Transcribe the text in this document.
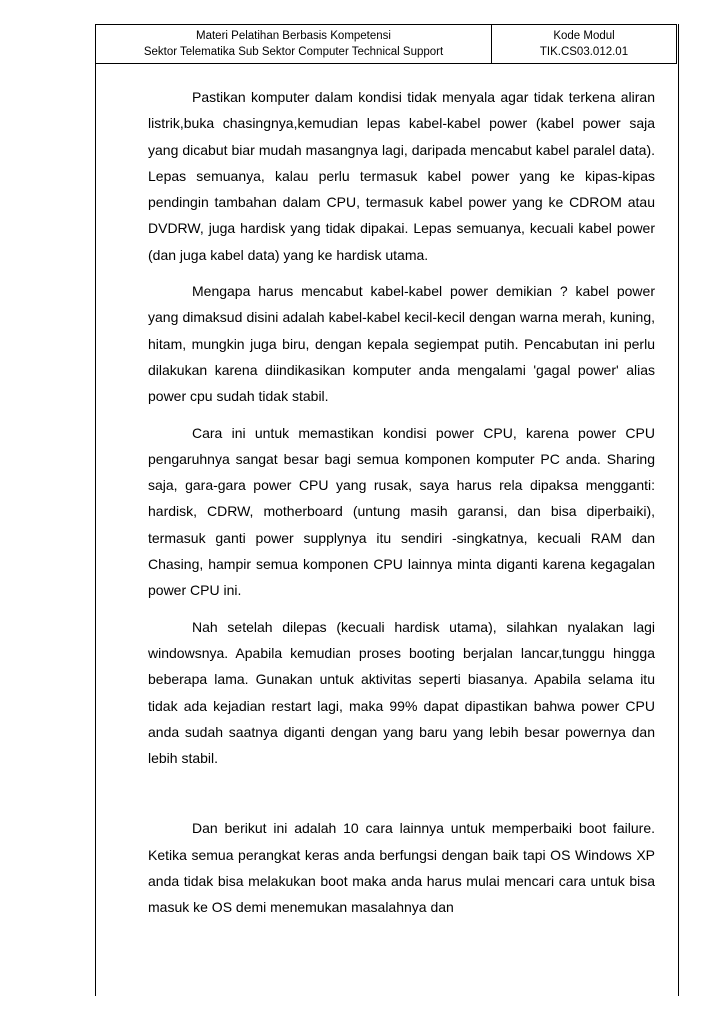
Materi Pelatihan Berbasis Kompetensi
Sektor Telematika Sub Sektor Computer Technical Support
Kode Modul
TIK.CS03.012.01

Pastikan komputer dalam kondisi tidak menyala agar tidak terkena aliran listrik,buka chasingnya,kemudian lepas kabel-kabel power (kabel power saja yang dicabut biar mudah masangnya lagi, daripada mencabut kabel paralel data). Lepas semuanya, kalau perlu termasuk kabel power yang ke kipas-kipas pendingin tambahan dalam CPU, termasuk kabel power yang ke CDROM atau DVDRW, juga hardisk yang tidak dipakai. Lepas semuanya, kecuali kabel power (dan juga kabel data) yang ke hardisk utama.

Mengapa harus mencabut kabel-kabel power demikian ? kabel power yang dimaksud disini adalah kabel-kabel kecil-kecil dengan warna merah, kuning, hitam, mungkin juga biru, dengan kepala segiempat putih. Pencabutan ini perlu dilakukan karena diindikasikan komputer anda mengalami 'gagal power' alias power cpu sudah tidak stabil.

Cara ini untuk memastikan kondisi power CPU, karena power CPU pengaruhnya sangat besar bagi semua komponen komputer PC anda. Sharing saja, gara-gara power CPU yang rusak, saya harus rela dipaksa mengganti: hardisk, CDRW, motherboard (untung masih garansi, dan bisa diperbaiki), termasuk ganti power supplynya itu sendiri -singkatnya, kecuali RAM dan Chasing, hampir semua komponen CPU lainnya minta diganti karena kegagalan power CPU ini.

Nah setelah dilepas (kecuali hardisk utama), silahkan nyalakan lagi windowsnya. Apabila kemudian proses booting berjalan lancar,tunggu hingga beberapa lama. Gunakan untuk aktivitas seperti biasanya. Apabila selama itu tidak ada kejadian restart lagi, maka 99% dapat dipastikan bahwa power CPU anda sudah saatnya diganti dengan yang baru yang lebih besar powernya dan lebih stabil.

Dan berikut ini adalah 10 cara lainnya untuk memperbaiki boot failure. Ketika semua perangkat keras anda berfungsi dengan baik tapi OS Windows XP anda tidak bisa melakukan boot maka anda harus mulai mencari cara untuk bisa masuk ke OS demi menemukan masalahnya dan
